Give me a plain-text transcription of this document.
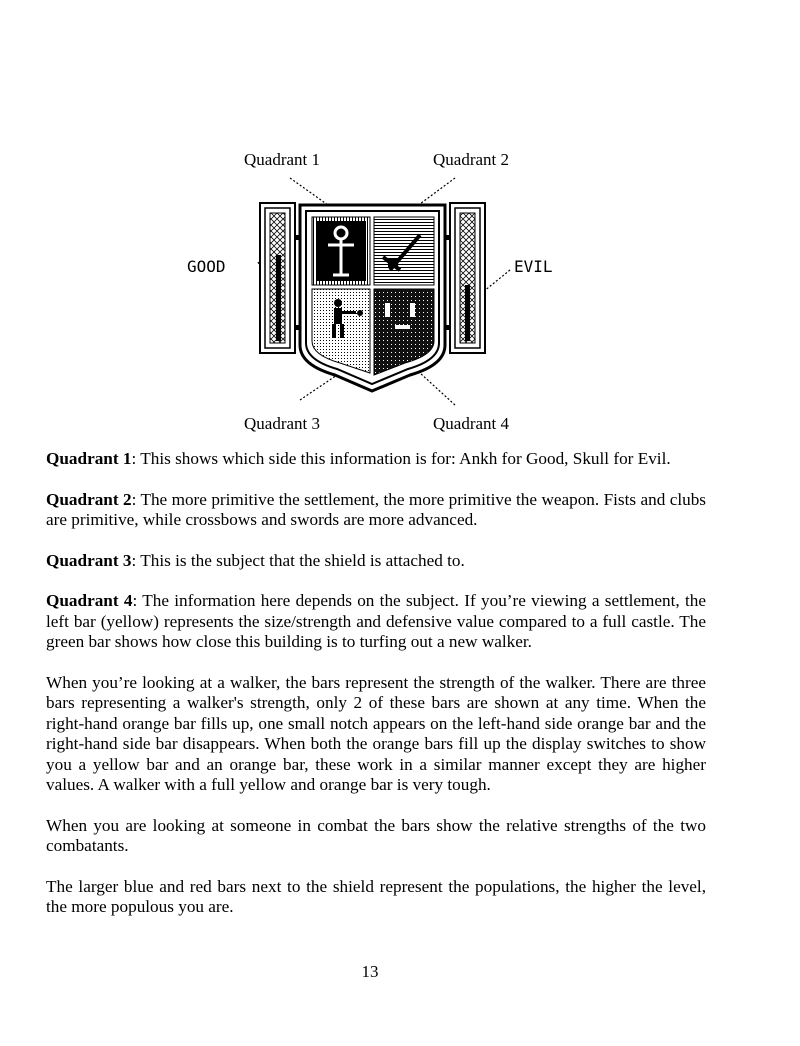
Quadrant 1	Quadrant 2
Quadrant 3	Quadrant 4
GOOD	EVIL

Quadrant 1: This shows which side this information is for: Ankh for Good, Skull for Evil.

Quadrant 2: The more primitive the settlement, the more primitive the weapon. Fists and clubs are primitive, while crossbows and swords are more advanced.

Quadrant 3: This is the subject that the shield is attached to.

Quadrant 4: The information here depends on the subject. If you’re viewing a settlement, the left bar (yellow) represents the size/strength and defensive value compared to a full castle. The green bar shows how close this building is to turfing out a new walker.

When you’re looking at a walker, the bars represent the strength of the walker. There are three bars representing a walker's strength, only 2 of these bars are shown at any time. When the right-hand orange bar fills up, one small notch appears on the left-hand side orange bar and the right-hand side bar disappears. When both the orange bars fill up the display switches to show you a yellow bar and an orange bar, these work in a similar manner except they are higher values. A walker with a full yellow and orange bar is very tough.

When you are looking at someone in combat the bars show the relative strengths of the two combatants.

The larger blue and red bars next to the shield represent the populations, the higher the level, the more populous you are.

13
